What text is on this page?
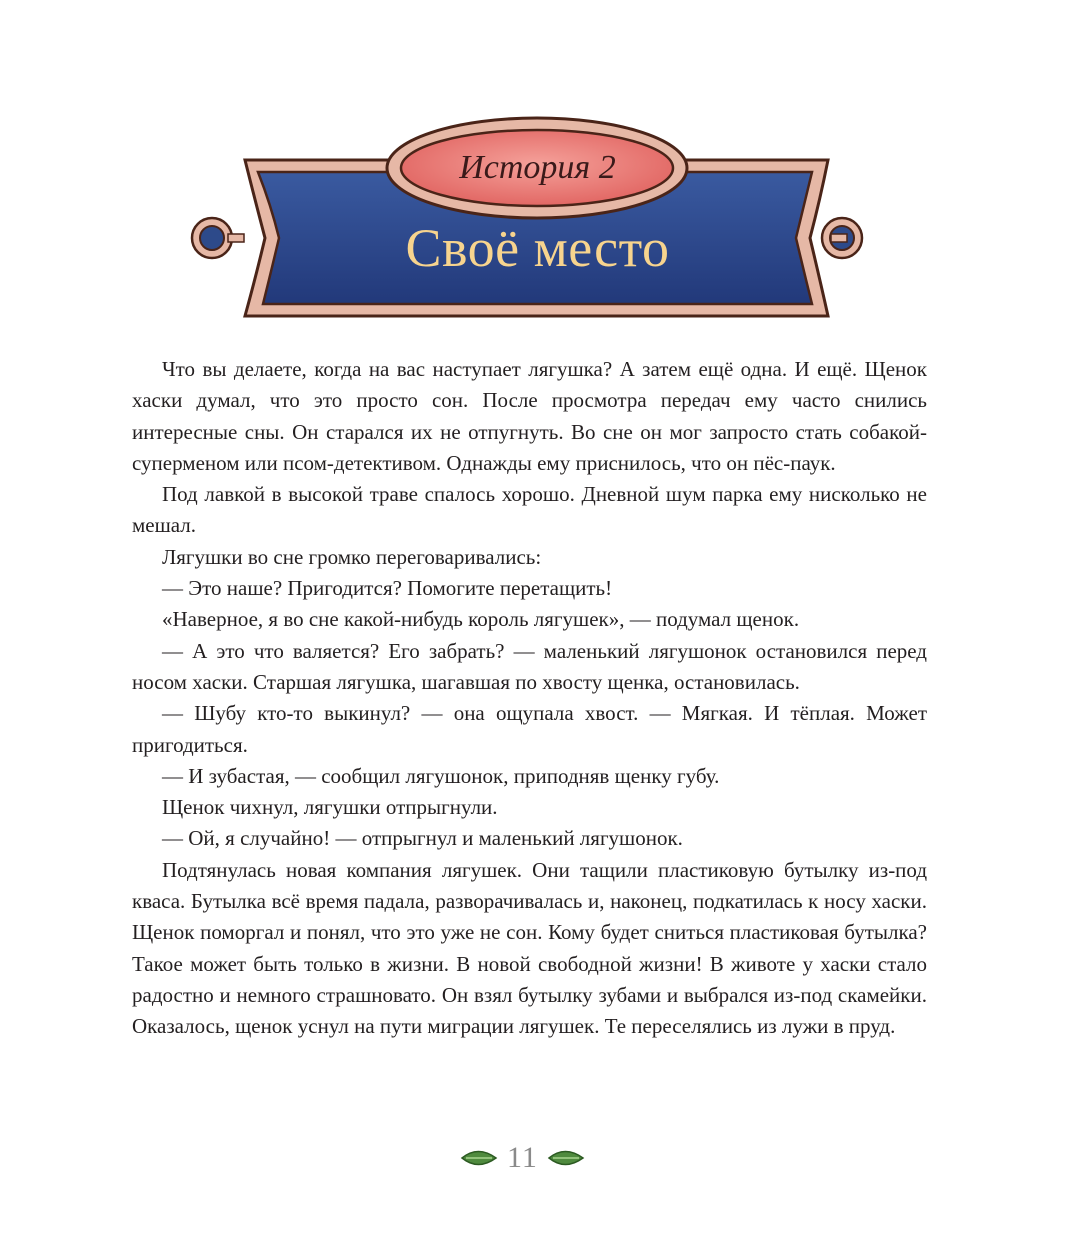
История 2
Своё место

Что вы делаете, когда на вас наступает лягушка? А затем ещё одна. И ещё. Щенок хаски думал, что это просто сон. После просмотра передач ему часто снились интересные сны. Он старался их не отпугнуть. Во сне он мог запросто стать собакой-суперменом или псом-детективом. Однажды ему приснилось, что он пёс-паук.

Под лавкой в высокой траве спалось хорошо. Дневной шум парка ему нисколько не мешал.

Лягушки во сне громко переговаривались:

— Это наше? Пригодится? Помогите перетащить!

«Наверное, я во сне какой-нибудь король лягушек», — подумал щенок.

— А это что валяется? Его забрать? — маленький лягушонок остановился перед носом хаски. Старшая лягушка, шагавшая по хвосту щенка, остановилась.

— Шубу кто-то выкинул? — она ощупала хвост. — Мягкая. И тёплая. Может пригодиться.

— И зубастая, — сообщил лягушонок, приподняв щенку губу.

Щенок чихнул, лягушки отпрыгнули.

— Ой, я случайно! — отпрыгнул и маленький лягушонок.

Подтянулась новая компания лягушек. Они тащили пластиковую бутылку из-под кваса. Бутылка всё время падала, разворачивалась и, наконец, подкатилась к носу хаски. Щенок поморгал и понял, что это уже не сон. Кому будет сниться пластиковая бутылка? Такое может быть только в жизни. В новой свободной жизни! В животе у хаски стало радостно и немного страшновато. Он взял бутылку зубами и выбрался из-под скамейки. Оказалось, щенок уснул на пути миграции лягушек. Те переселялись из лужи в пруд.

11
